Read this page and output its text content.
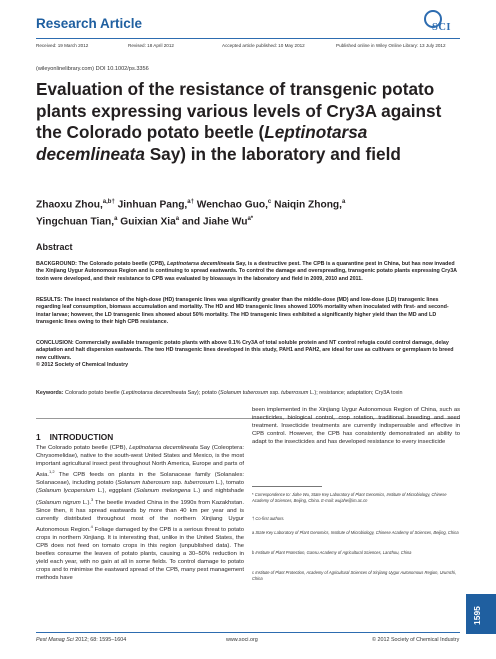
Research Article	SCI
Received: 19 March 2012	Revised: 18 April 2012	Accepted article published: 10 May 2012	Published online in Wiley Online Library: 13 July 2012
(wileyonlinelibrary.com) DOI 10.1002/ps.3356
Evaluation of the resistance of transgenic potato plants expressing various levels of Cry3A against the Colorado potato beetle (Leptinotarsa decemlineata Say) in the laboratory and field
Zhaoxu Zhou,$^{a,b\dagger}$ Jinhuan Pang,$^{a\dagger}$ Wenchao Guo,$^c$ Naiqin Zhong,$^a$
Yingchuan Tian,$^a$ Guixian Xia$^a$ and Jiahe $Wu^{a*}$
Abstract
BACKGROUND: The Colorado potato beetle (CPB), Leptinotarsa decemlineata Say, is a destructive pest. The CPB is a quarantine pest in China, but has now invaded the Xinjiang Uygur Autonomous Region and is continuing to spread eastwards. To control the damage and overspreading, transgenic potato plants expressing Cry3A toxin were developed, and their resistance to CPB was evaluated by bioassays in the laboratory and field in 2009, 2010 and 2011.
RESULTS: The insect resistance of the high-dose (HD) transgenic lines was significantly greater than the middle-dose (MD) and low-dose (LD) transgenic lines regarding leaf consumption, biomass accumulation and mortality. The HD and MD transgenic lines showed 100% mortality when inoculated with first- and second-instar larvae; however, the LD transgenic lines showed about 50% mortality. The HD transgenic lines exhibited a significantly higher yield than the MD and LD transgenic lines owing to their high CPB resistance.
CONCLUSION: Commercially available transgenic potato plants with above 0.1% Cry3A of total soluble protein and NT control refugia could control damage, delay adaptation and halt dispersion eastwards. The two HD transgenic lines developed in this study, PAH1 and PAH2, are ideal for use as cultivars or germplasm to breed new cultivars.
© 2012 Society of Chemical Industry
Keywords: Colorado potato beetle (Leptinotarsa decemlineata Say); potato (Solanum tuberosum ssp. tuberrosum L.); resistance; adaptation; Cry3A toxin
1 INTRODUCTION
The Colorado potato beetle (CPB), Leptinotarsa decemlineata Say (Coleoptera: Chrysomelidae), native to the south-west United States and Mexico, is the most important agricultural insect pest throughout North America, Europe and parts of Asia.$^{1,2}$ The CPB feeds on plants in the Solanaceae family (Solanales: Solanaceae), including potato (Solanum tuberosum ssp. tuberrosum L.), tomato (Solanum lycopersium L.), eggplant (Solanum melongena L.) and nightshade (Solanum nigrum L.).$^3$ The beetle invaded China in the 1990s from Kazakhstan. Since then, it has spread eastwards by more than 40 km per year and is currently distributed throughout most of the northern Xinjiang Uygur Autonomous Region.$^4$ Foliage damaged by the CPB is a serious threat to potato crops in northern Xinjiang. It is interesting that, unlike in the United States, the CPB does not feed on tomato crops in this region (unpublished data). The beetles consume the leaves of potato plants, causing a 30–50% reduction in yield each year, with no gain at all in some fields. To control damage to potato crops and to minimise the eastward spread of the CPB, many pest management methods have
been implemented in the Xinjiang Uygur Autonomous Region of China, such as insecticides, biological control, crop rotation, traditional breeding and seed treatment. Insecticide treatments are currently indispensable and effective in CPB control. However, the CPB has consistently demonstrated an ability to adapt to the insecticides and has developed resistance to every insecticide
* Correspondence to: Jiahe Wu, State Key Laboratory of Plant Genomics, Institute of Microbiology, Chinese Academy of Sciences, Beijing, China. E-mail: wujahe@im.ac.cn
† Co-first authors.
a State Key Laboratory of Plant Genomics, Institute of Microbiology, Chinese Academy of Sciences, Beijing, China
b Institute of Plant Protection, Gansu Academy of Agricultural Sciences, Lanzhou, China
c Institute of Plant Protection, Academy of Agricultural Sciences of Xinjiang Uygur Autonomous Region, Urumchi, China
Pest Manag Sci 2012; 68: 1595–1604	www.soci.org	© 2012 Society of Chemical Industry
1595
